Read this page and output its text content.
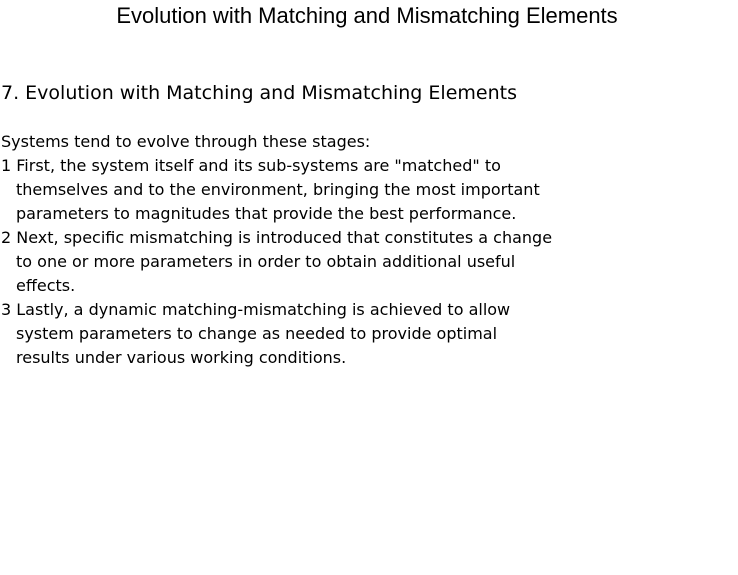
Evolution with Matching and Mismatching Elements
7. Evolution with Matching and Mismatching Elements
Systems tend to evolve through these stages:
1 First, the system itself and its sub-systems are "matched" to
themselves and to the environment, bringing the most important
parameters to magnitudes that provide the best performance.
2 Next, specific mismatching is introduced that constitutes a change
to one or more parameters in order to obtain additional useful
effects.
3 Lastly, a dynamic matching-mismatching is achieved to allow
system parameters to change as needed to provide optimal
results under various working conditions.
